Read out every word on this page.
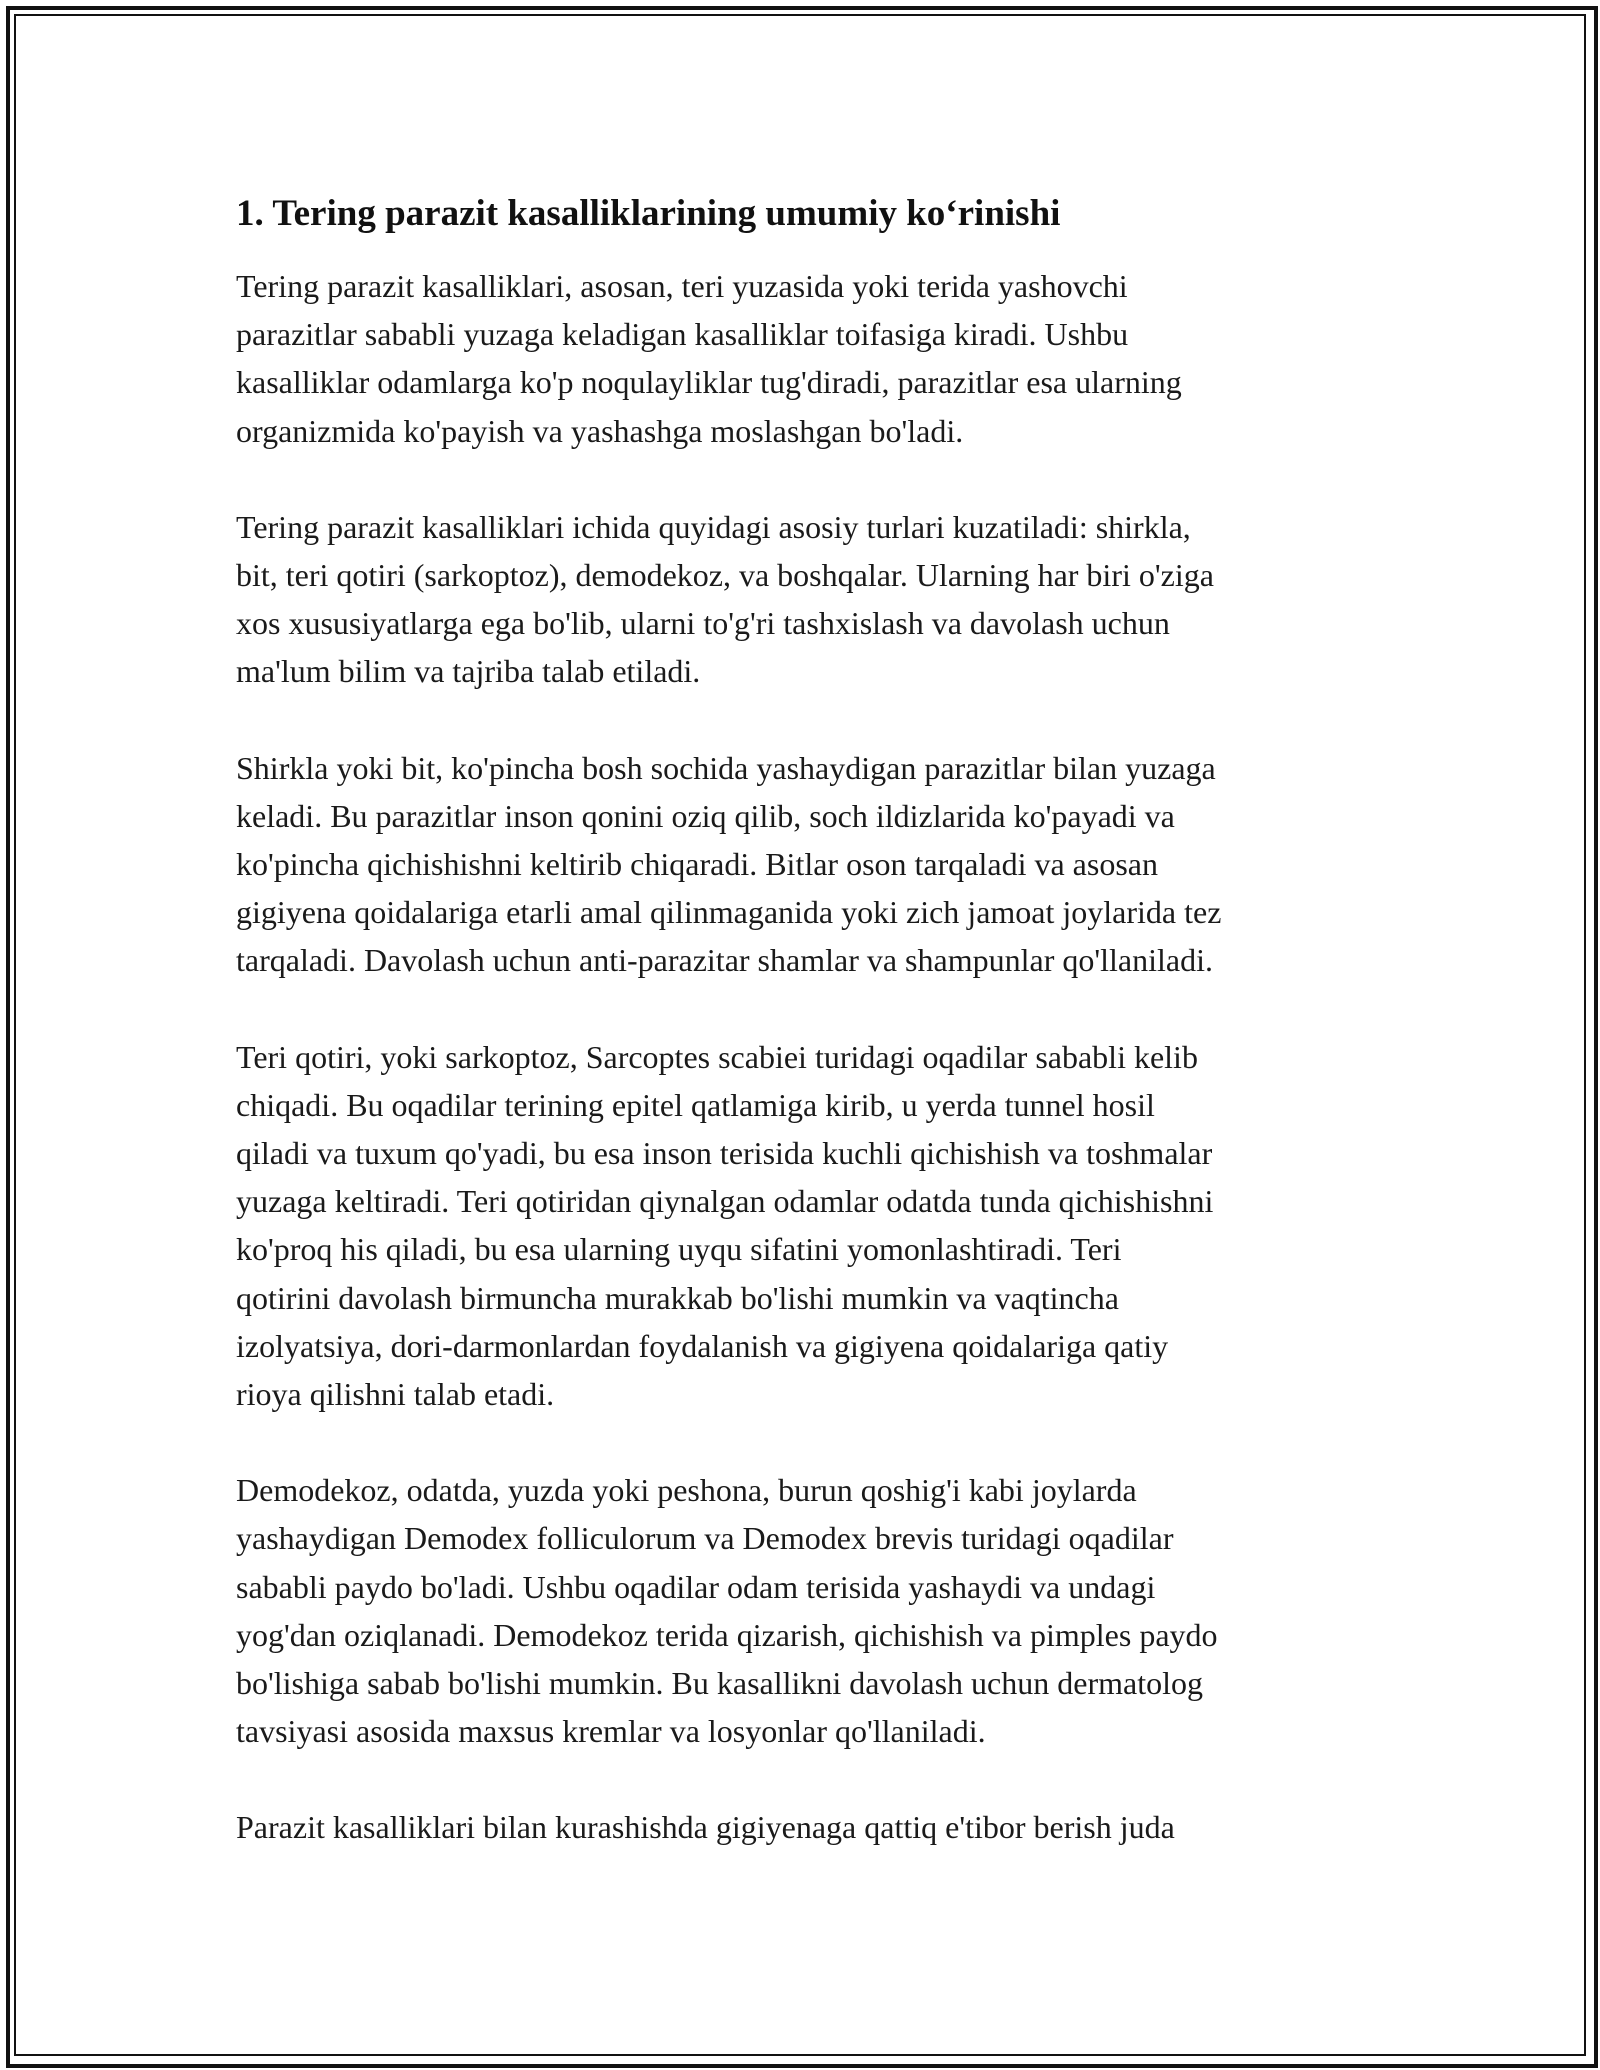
1. Tering parazit kasalliklarining umumiy ko‘rinishi

Tering parazit kasalliklari, asosan, teri yuzasida yoki terida yashovchi
parazitlar sababli yuzaga keladigan kasalliklar toifasiga kiradi. Ushbu
kasalliklar odamlarga ko'p noqulayliklar tug'diradi, parazitlar esa ularning
organizmida ko'payish va yashashga moslashgan bo'ladi.

Tering parazit kasalliklari ichida quyidagi asosiy turlari kuzatiladi: shirkla,
bit, teri qotiri (sarkoptoz), demodekoz, va boshqalar. Ularning har biri o'ziga
xos xususiyatlarga ega bo'lib, ularni to'g'ri tashxislash va davolash uchun
ma'lum bilim va tajriba talab etiladi.

Shirkla yoki bit, ko'pincha bosh sochida yashaydigan parazitlar bilan yuzaga
keladi. Bu parazitlar inson qonini oziq qilib, soch ildizlarida ko'payadi va
ko'pincha qichishishni keltirib chiqaradi. Bitlar oson tarqaladi va asosan
gigiyena qoidalariga etarli amal qilinmaganida yoki zich jamoat joylarida tez
tarqaladi. Davolash uchun anti-parazitar shamlar va shampunlar qo'llaniladi.

Teri qotiri, yoki sarkoptoz, Sarcoptes scabiei turidagi oqadilar sababli kelib
chiqadi. Bu oqadilar terining epitel qatlamiga kirib, u yerda tunnel hosil
qiladi va tuxum qo'yadi, bu esa inson terisida kuchli qichishish va toshmalar
yuzaga keltiradi. Teri qotiridan qiynalgan odamlar odatda tunda qichishishni
ko'proq his qiladi, bu esa ularning uyqu sifatini yomonlashtiradi. Teri
qotirini davolash birmuncha murakkab bo'lishi mumkin va vaqtincha
izolyatsiya, dori-darmonlardan foydalanish va gigiyena qoidalariga qatiy
rioya qilishni talab etadi.

Demodekoz, odatda, yuzda yoki peshona, burun qoshig'i kabi joylarda
yashaydigan Demodex folliculorum va Demodex brevis turidagi oqadilar
sababli paydo bo'ladi. Ushbu oqadilar odam terisida yashaydi va undagi
yog'dan oziqlanadi. Demodekoz terida qizarish, qichishish va pimples paydo
bo'lishiga sabab bo'lishi mumkin. Bu kasallikni davolash uchun dermatolog
tavsiyasi asosida maxsus kremlar va losyonlar qo'llaniladi.

Parazit kasalliklari bilan kurashishda gigiyenaga qattiq e'tibor berish juda
